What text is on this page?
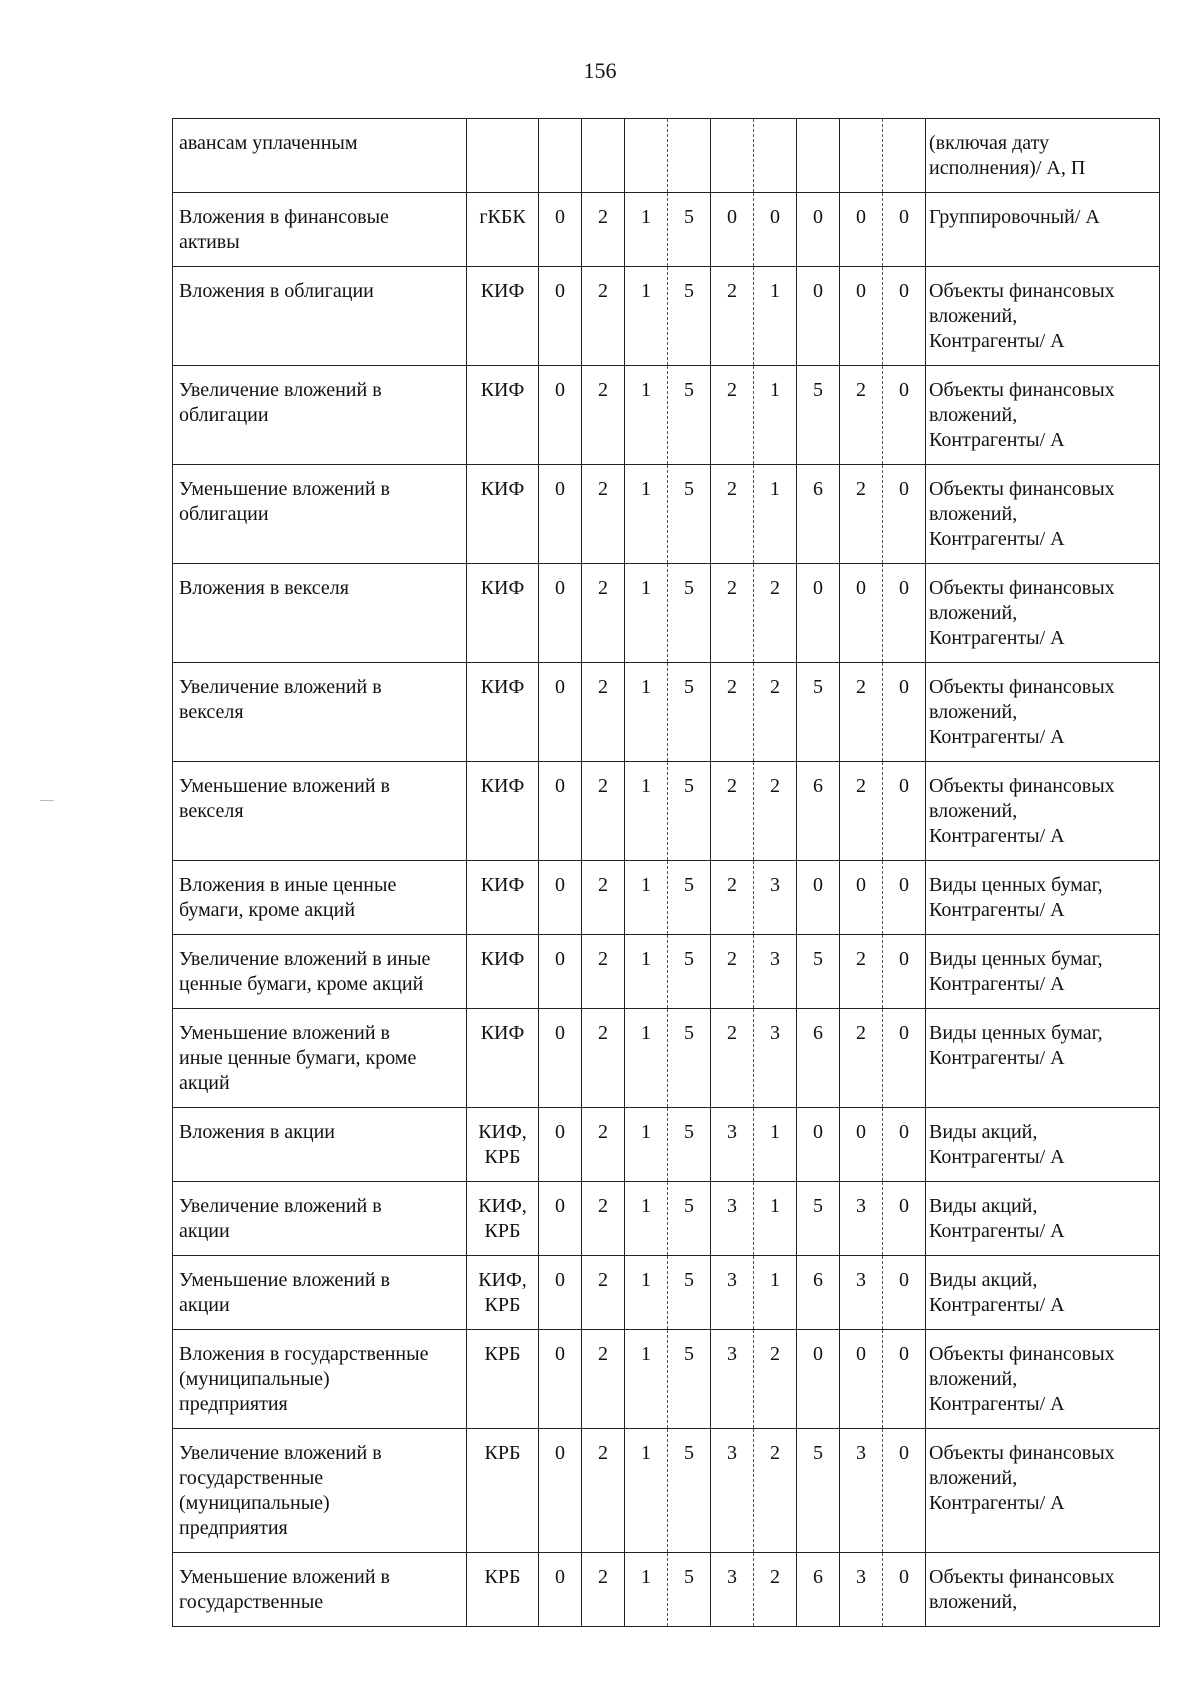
156
авансам уплаченным											(включая дату
исполнения)/ А, П

Вложения в финансовые
активы	гКБК	0	2	1	5	0	0	0	0	0	Группировочный/ А

Вложения в облигации	КИФ	0	2	1	5	2	1	0	0	0	Объекты финансовых
вложений,
Контрагенты/ А

Увеличение вложений в
облигации	КИФ	0	2	1	5	2	1	5	2	0	Объекты финансовых
вложений,
Контрагенты/ А

Уменьшение вложений в
облигации	КИФ	0	2	1	5	2	1	6	2	0	Объекты финансовых
вложений,
Контрагенты/ А

Вложения в векселя	КИФ	0	2	1	5	2	2	0	0	0	Объекты финансовых
вложений,
Контрагенты/ А

Увеличение вложений в
векселя	КИФ	0	2	1	5	2	2	5	2	0	Объекты финансовых
вложений,
Контрагенты/ А

Уменьшение вложений в
векселя	КИФ	0	2	1	5	2	2	6	2	0	Объекты финансовых
вложений,
Контрагенты/ А

Вложения в иные ценные
бумаги, кроме акций	КИФ	0	2	1	5	2	3	0	0	0	Виды ценных бумаг,
Контрагенты/ А

Увеличение вложений в иные
ценные бумаги, кроме акций	КИФ	0	2	1	5	2	3	5	2	0	Виды ценных бумаг,
Контрагенты/ А

Уменьшение вложений в
иные ценные бумаги, кроме
акций	КИФ	0	2	1	5	2	3	6	2	0	Виды ценных бумаг,
Контрагенты/ А

Вложения в акции	КИФ,
КРБ	0	2	1	5	3	1	0	0	0	Виды акций,
Контрагенты/ А

Увеличение вложений в
акции	КИФ,
КРБ	0	2	1	5	3	1	5	3	0	Виды акций,
Контрагенты/ А

Уменьшение вложений в
акции	КИФ,
КРБ	0	2	1	5	3	1	6	3	0	Виды акций,
Контрагенты/ А

Вложения в государственные
(муниципальные)
предприятия	КРБ	0	2	1	5	3	2	0	0	0	Объекты финансовых
вложений,
Контрагенты/ А

Увеличение вложений в
государственные
(муниципальные)
предприятия	КРБ	0	2	1	5	3	2	5	3	0	Объекты финансовых
вложений,
Контрагенты/ А

Уменьшение вложений в
государственные	КРБ	0	2	1	5	3	2	6	3	0	Объекты финансовых
вложений,
